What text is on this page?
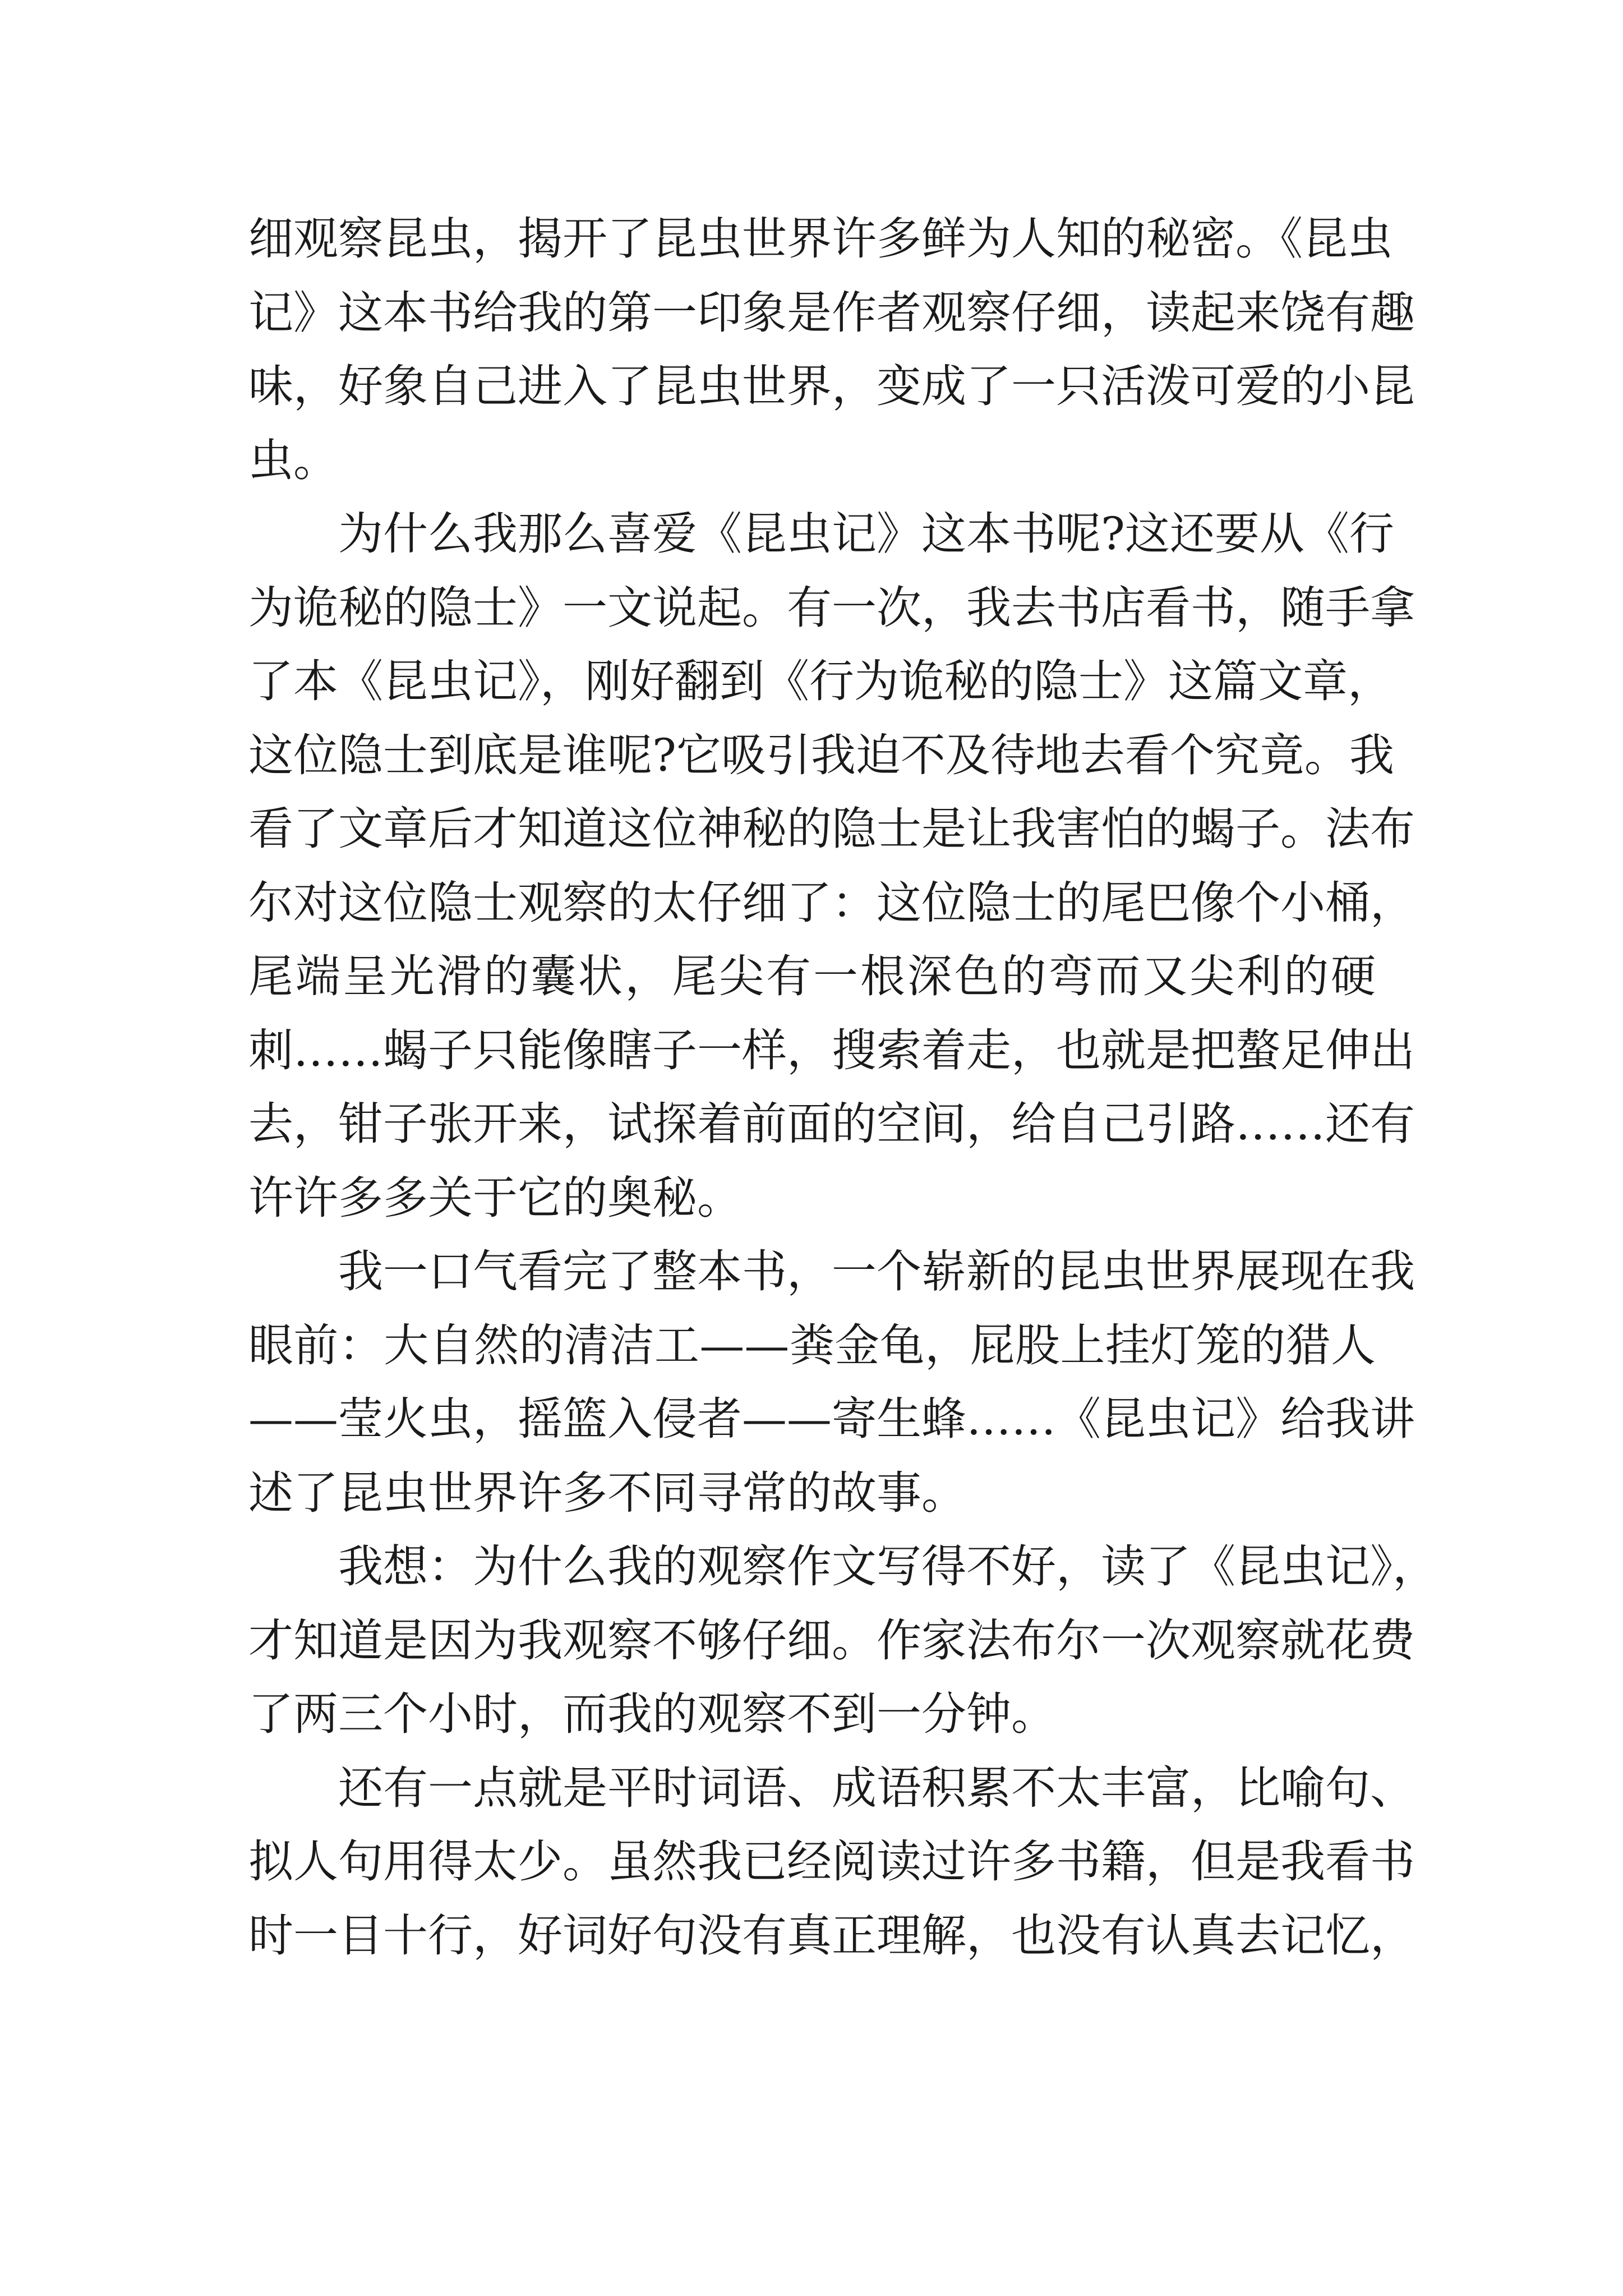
细观察昆虫，揭开了昆虫世界许多鲜为人知的秘密。《昆虫
记》这本书给我的第一印象是作者观察仔细，读起来饶有趣
味，好象自己进入了昆虫世界，变成了一只活泼可爱的小昆
虫。

为什么我那么喜爱《昆虫记》这本书呢?这还要从《行
为诡秘的隐士》一文说起。有一次，我去书店看书，随手拿
了本《昆虫记》，刚好翻到《行为诡秘的隐士》这篇文章，
这位隐士到底是谁呢?它吸引我迫不及待地去看个究竟。我
看了文章后才知道这位神秘的隐士是让我害怕的蝎子。法布
尔对这位隐士观察的太仔细了：这位隐士的尾巴像个小桶，
尾端呈光滑的囊状，尾尖有一根深色的弯而又尖利的硬
刺……蝎子只能像瞎子一样，搜索着走，也就是把螯足伸出
去，钳子张开来，试探着前面的空间，给自己引路……还有
许许多多关于它的奥秘。

我一口气看完了整本书，一个崭新的昆虫世界展现在我
眼前：大自然的清洁工——粪金龟，屁股上挂灯笼的猎人
——莹火虫，摇篮入侵者——寄生蜂……《昆虫记》给我讲
述了昆虫世界许多不同寻常的故事。

我想：为什么我的观察作文写得不好，读了《昆虫记》，
才知道是因为我观察不够仔细。作家法布尔一次观察就花费
了两三个小时，而我的观察不到一分钟。

还有一点就是平时词语、成语积累不太丰富，比喻句、
拟人句用得太少。虽然我已经阅读过许多书籍，但是我看书
时一目十行，好词好句没有真正理解，也没有认真去记忆，
